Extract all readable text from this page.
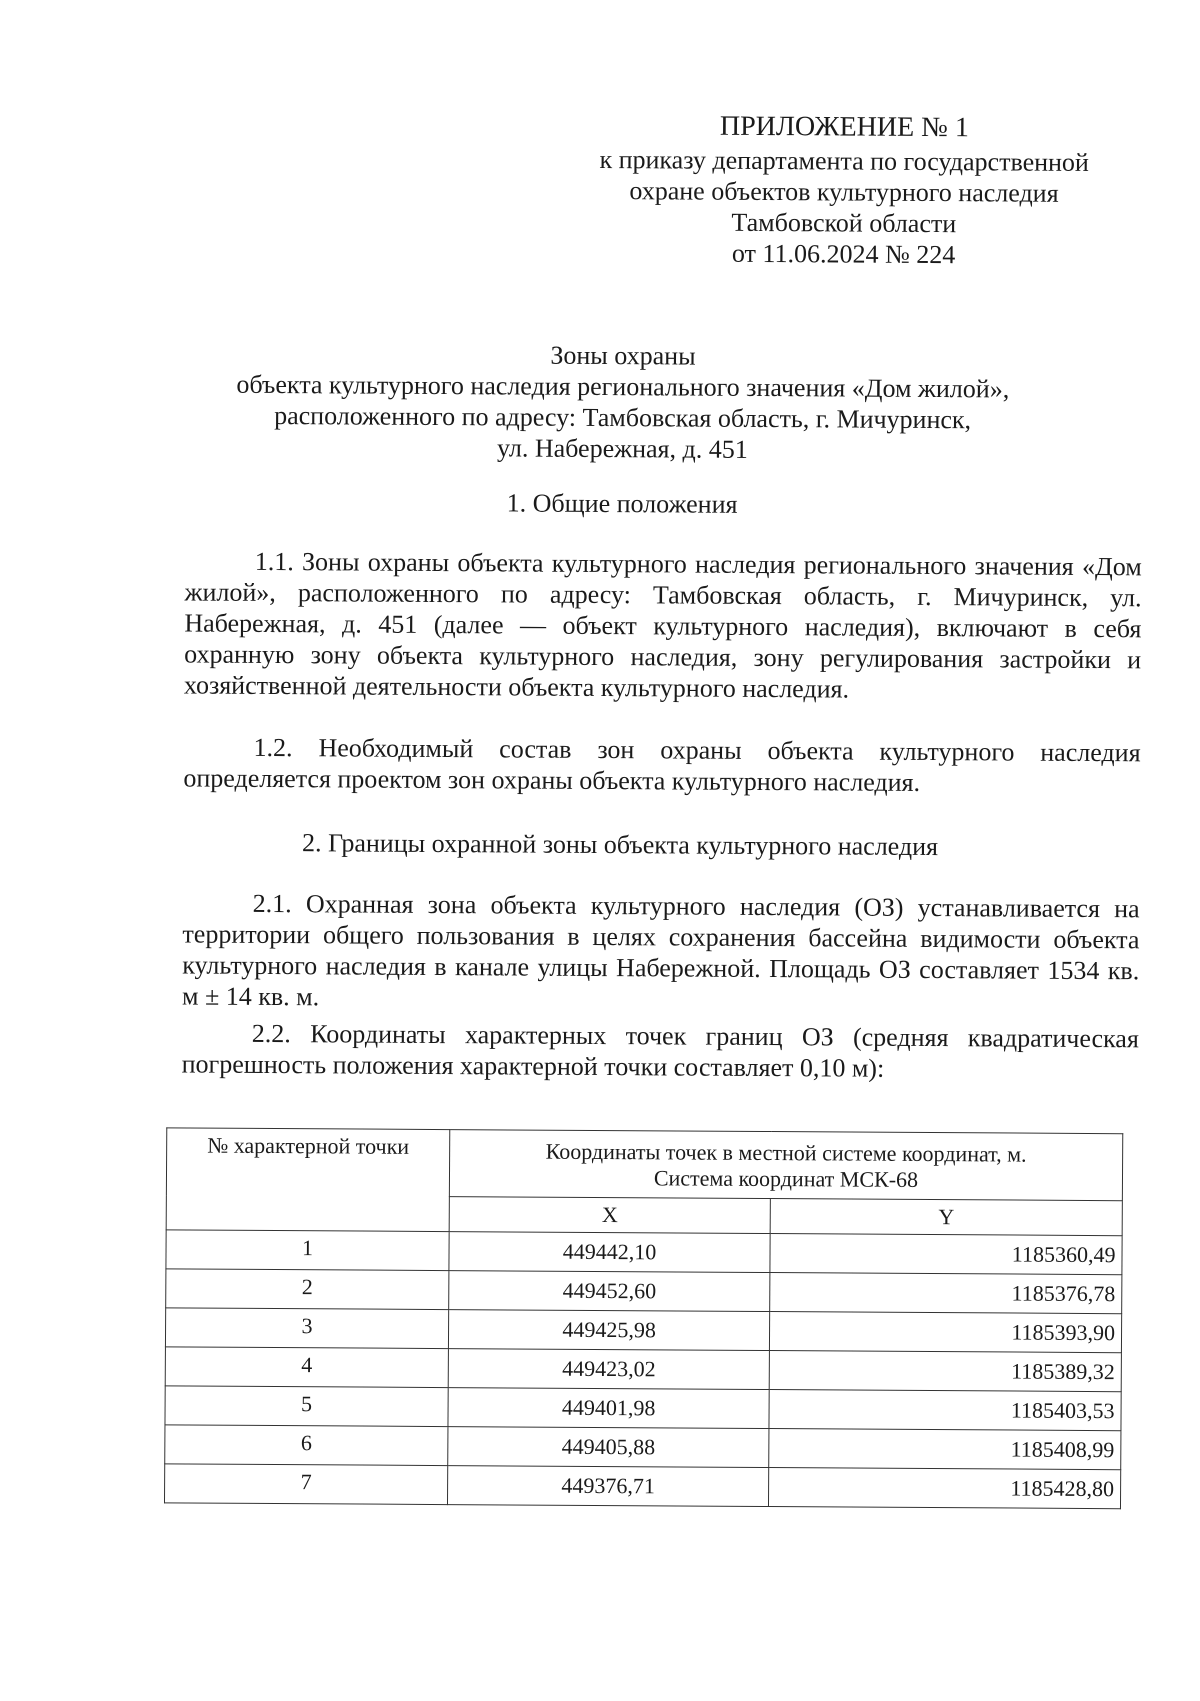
ПРИЛОЖЕНИЕ № 1
к приказу департамента по государственной
охране объектов культурного наследия
Тамбовской области
от 11.06.2024 № 224
Зоны охраны
объекта культурного наследия регионального значения «Дом жилой»,
расположенного по адресу: Тамбовская область, г. Мичуринск,
ул. Набережная, д. 451
1. Общие положения
1.1. Зоны охраны объекта культурного наследия регионального значения «Дом жилой», расположенного по адресу: Тамбовская область, г. Мичуринск, ул. Набережная, д. 451 (далее — объект культурного наследия), включают в себя охранную зону объекта культурного наследия, зону регулирования застройки и хозяйственной деятельности объекта культурного наследия.
1.2. Необходимый состав зон охраны объекта культурного наследия определяется проектом зон охраны объекта культурного наследия.
2. Границы охранной зоны объекта культурного наследия
2.1. Охранная зона объекта культурного наследия (ОЗ) устанавливается на территории общего пользования в целях сохранения бассейна видимости объекта культурного наследия в канале улицы Набережной. Площадь ОЗ составляет 1534 кв. м ± 14 кв. м.
2.2. Координаты характерных точек границ ОЗ (средняя квадратическая погрешность положения характерной точки составляет 0,10 м):
№ характерной точки	Координаты точек в местной системе координат, м.
Система координат МСК-68	

	X	Y
1	449442,10	1185360,49
2	449452,60	1185376,78
3	449425,98	1185393,90
4	449423,02	1185389,32
5	449401,98	1185403,53
6	449405,88	1185408,99
7	449376,71	1185428,80
